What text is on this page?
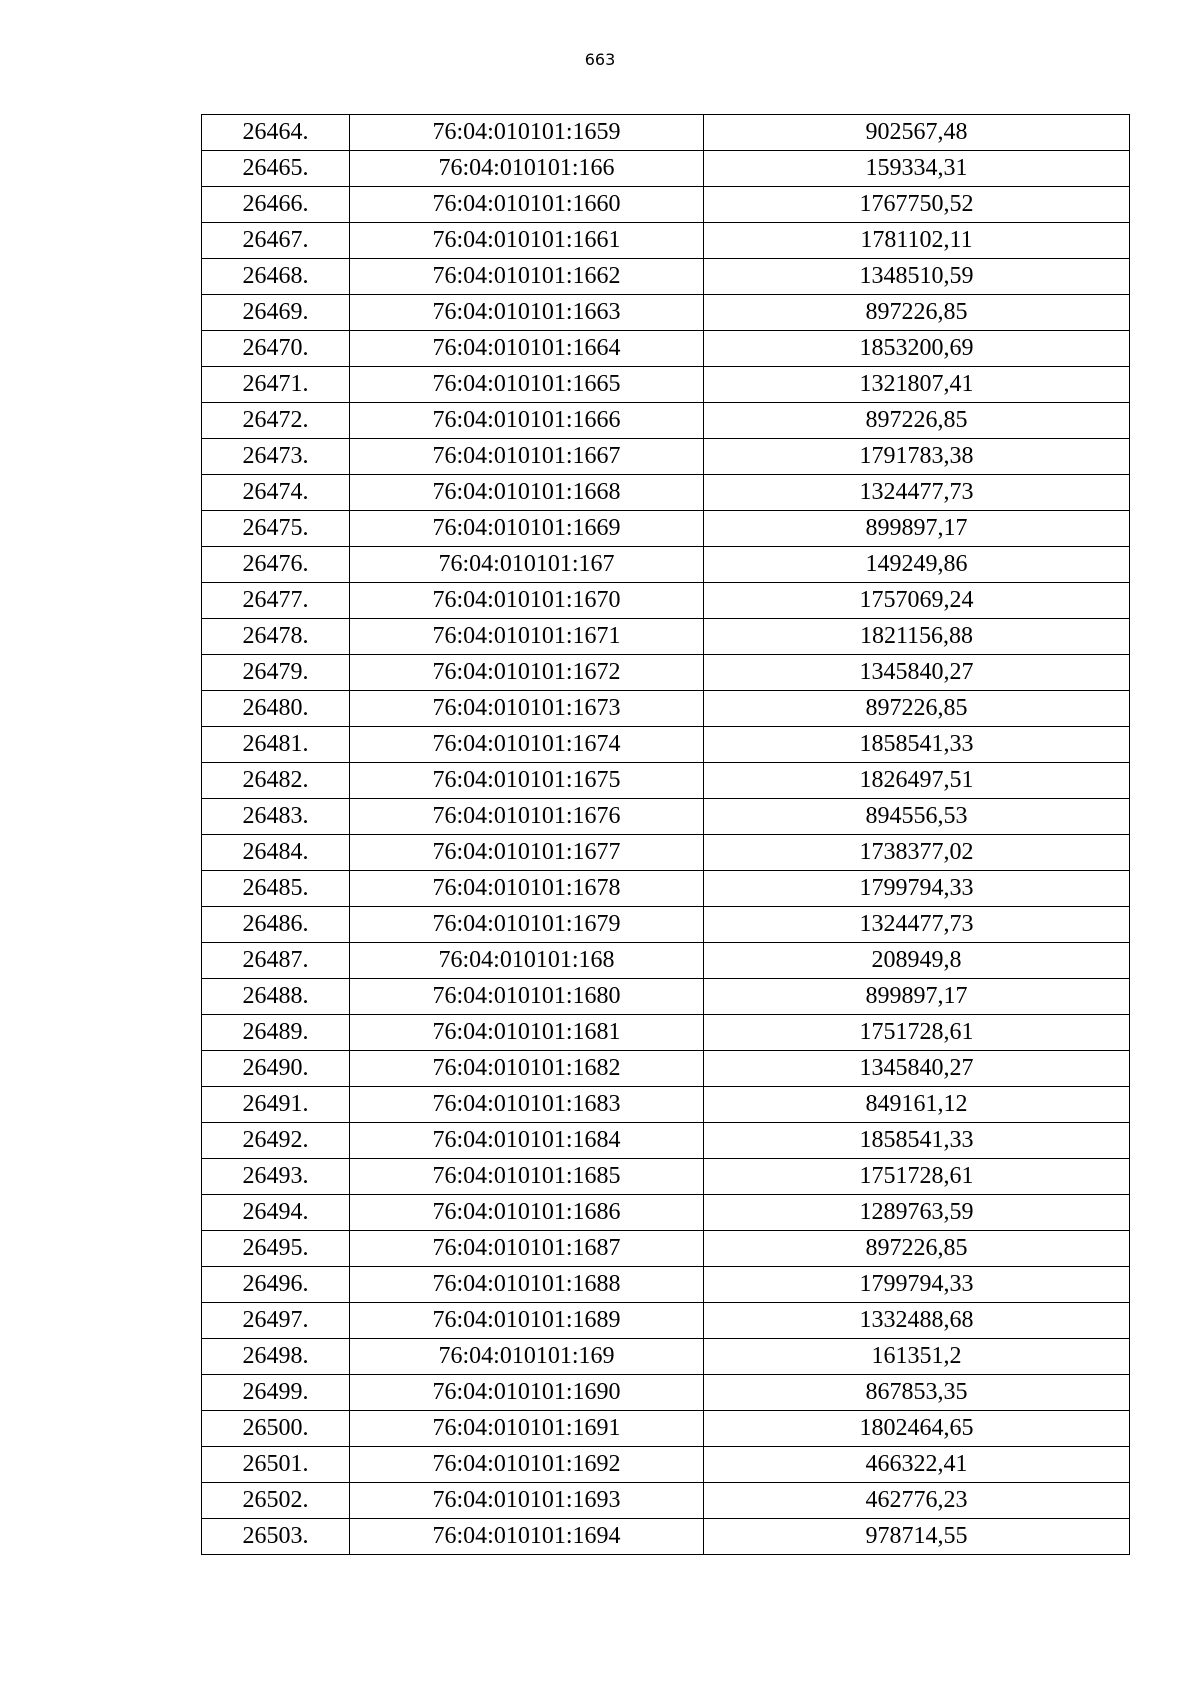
663
26464.	76:04:010101:1659	902567,48
26465.	76:04:010101:166	159334,31
26466.	76:04:010101:1660	1767750,52
26467.	76:04:010101:1661	1781102,11
26468.	76:04:010101:1662	1348510,59
26469.	76:04:010101:1663	897226,85
26470.	76:04:010101:1664	1853200,69
26471.	76:04:010101:1665	1321807,41
26472.	76:04:010101:1666	897226,85
26473.	76:04:010101:1667	1791783,38
26474.	76:04:010101:1668	1324477,73
26475.	76:04:010101:1669	899897,17
26476.	76:04:010101:167	149249,86
26477.	76:04:010101:1670	1757069,24
26478.	76:04:010101:1671	1821156,88
26479.	76:04:010101:1672	1345840,27
26480.	76:04:010101:1673	897226,85
26481.	76:04:010101:1674	1858541,33
26482.	76:04:010101:1675	1826497,51
26483.	76:04:010101:1676	894556,53
26484.	76:04:010101:1677	1738377,02
26485.	76:04:010101:1678	1799794,33
26486.	76:04:010101:1679	1324477,73
26487.	76:04:010101:168	208949,8
26488.	76:04:010101:1680	899897,17
26489.	76:04:010101:1681	1751728,61
26490.	76:04:010101:1682	1345840,27
26491.	76:04:010101:1683	849161,12
26492.	76:04:010101:1684	1858541,33
26493.	76:04:010101:1685	1751728,61
26494.	76:04:010101:1686	1289763,59
26495.	76:04:010101:1687	897226,85
26496.	76:04:010101:1688	1799794,33
26497.	76:04:010101:1689	1332488,68
26498.	76:04:010101:169	161351,2
26499.	76:04:010101:1690	867853,35
26500.	76:04:010101:1691	1802464,65
26501.	76:04:010101:1692	466322,41
26502.	76:04:010101:1693	462776,23
26503.	76:04:010101:1694	978714,55
